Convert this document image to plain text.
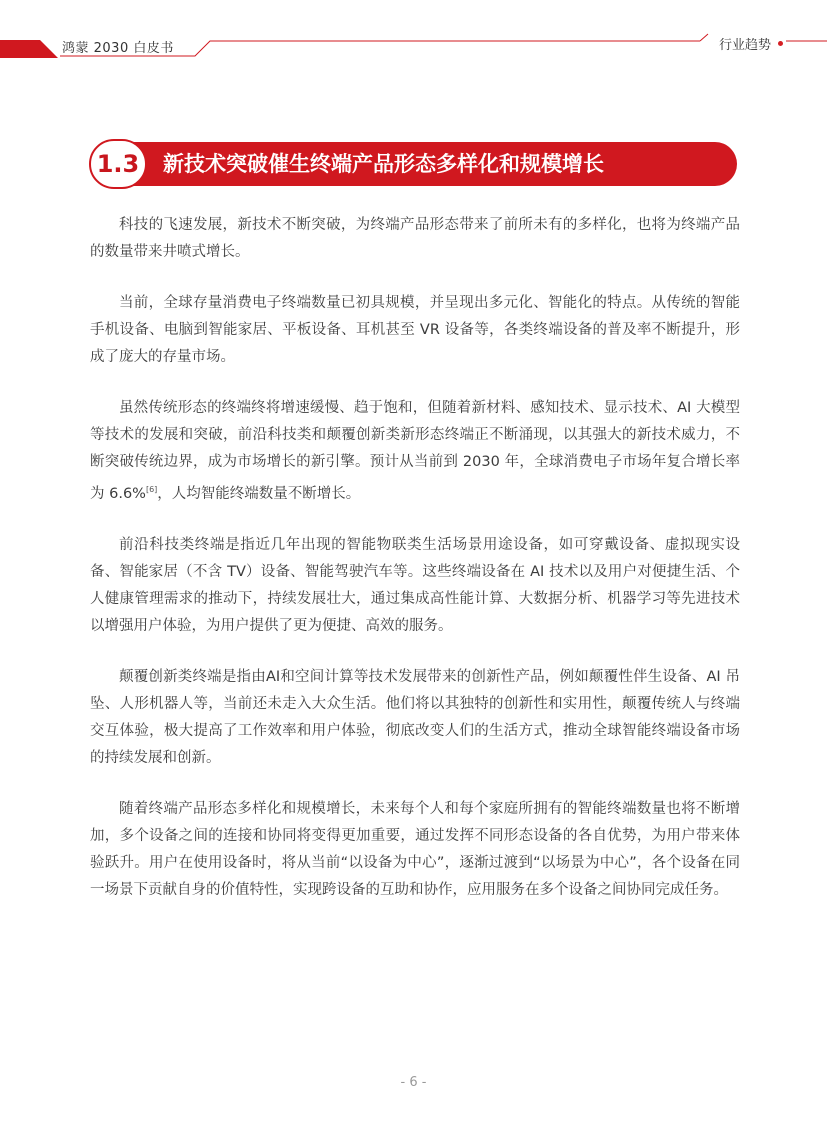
鸿蒙 2030 白皮书	行业趋势
1.3	新技术突破催生终端产品形态多样化和规模增长

科技的飞速发展，新技术不断突破，为终端产品形态带来了前所未有的多样化，也将为终端产品的数量带来井喷式增长。

当前，全球存量消费电子终端数量已初具规模，并呈现出多元化、智能化的特点。从传统的智能手机设备、电脑到智能家居、平板设备、耳机甚至 VR 设备等，各类终端设备的普及率不断提升，形成了庞大的存量市场。

虽然传统形态的终端终将增速缓慢、趋于饱和，但随着新材料、感知技术、显示技术、AI 大模型等技术的发展和突破，前沿科技类和颠覆创新类新形态终端正不断涌现，以其强大的新技术威力，不断突破传统边界，成为市场增长的新引擎。预计从当前到 2030 年，全球消费电子市场年复合增长率为 6.6%[6]，人均智能终端数量不断增长。

前沿科技类终端是指近几年出现的智能物联类生活场景用途设备，如可穿戴设备、虚拟现实设备、智能家居（不含 TV）设备、智能驾驶汽车等。这些终端设备在 AI 技术以及用户对便捷生活、个人健康管理需求的推动下，持续发展壮大，通过集成高性能计算、大数据分析、机器学习等先进技术以增强用户体验，为用户提供了更为便捷、高效的服务。

颠覆创新类终端是指由AI和空间计算等技术发展带来的创新性产品，例如颠覆性伴生设备、AI 吊坠、人形机器人等，当前还未走入大众生活。他们将以其独特的创新性和实用性，颠覆传统人与终端交互体验，极大提高了工作效率和用户体验，彻底改变人们的生活方式，推动全球智能终端设备市场的持续发展和创新。

随着终端产品形态多样化和规模增长，未来每个人和每个家庭所拥有的智能终端数量也将不断增加，多个设备之间的连接和协同将变得更加重要，通过发挥不同形态设备的各自优势，为用户带来体验跃升。用户在使用设备时，将从当前“以设备为中心”，逐渐过渡到“以场景为中心”，各个设备在同一场景下贡献自身的价值特性，实现跨设备的互助和协作，应用服务在多个设备之间协同完成任务。

- 6 -
